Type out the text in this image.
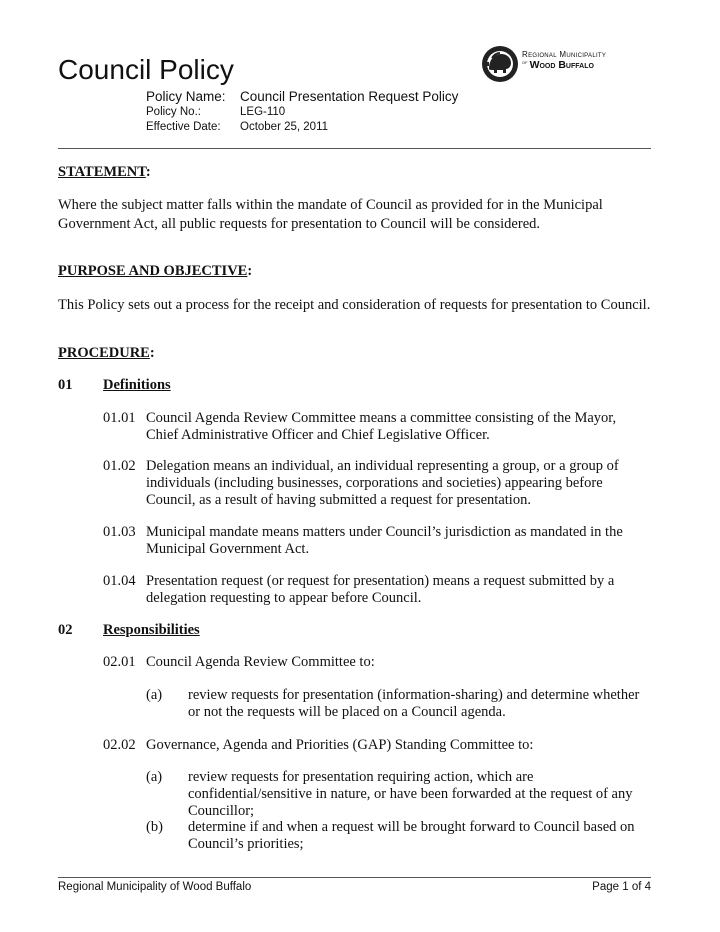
Council Policy
Policy Name: Council Presentation Request Policy
Policy No.:	LEG-110
Effective Date: October 25, 2011
Regional Municipality
$^{of}$ Wood Buffalo
STATEMENT:
Where the subject matter falls within the mandate of Council as provided for in the Municipal Government Act, all public requests for presentation to Council will be considered.
PURPOSE AND OBJECTIVE:
This Policy sets out a process for the receipt and consideration of requests for presentation to Council.
PROCEDURE:
01 Definitions
01.01 Council Agenda Review Committee means a committee consisting of the Mayor, Chief Administrative Officer and Chief Legislative Officer.
01.02 Delegation means an individual, an individual representing a group, or a group of individuals (including businesses, corporations and societies) appearing before Council, as a result of having submitted a request for presentation.
01.03 Municipal mandate means matters under Council’s jurisdiction as mandated in the Municipal Government Act.
01.04 Presentation request (or request for presentation) means a request submitted by a delegation requesting to appear before Council.
02 Responsibilities
02.01 Council Agenda Review Committee to:
(a) review requests for presentation (information-sharing) and determine whether or not the requests will be placed on a Council agenda.
02.02 Governance, Agenda and Priorities (GAP) Standing Committee to:
(a) review requests for presentation requiring action, which are confidential/sensitive in nature, or have been forwarded at the request of any Councillor;
(b) determine if and when a request will be brought forward to Council based on Council’s priorities;
Regional Municipality of Wood Buffalo	Page 1 of 4
